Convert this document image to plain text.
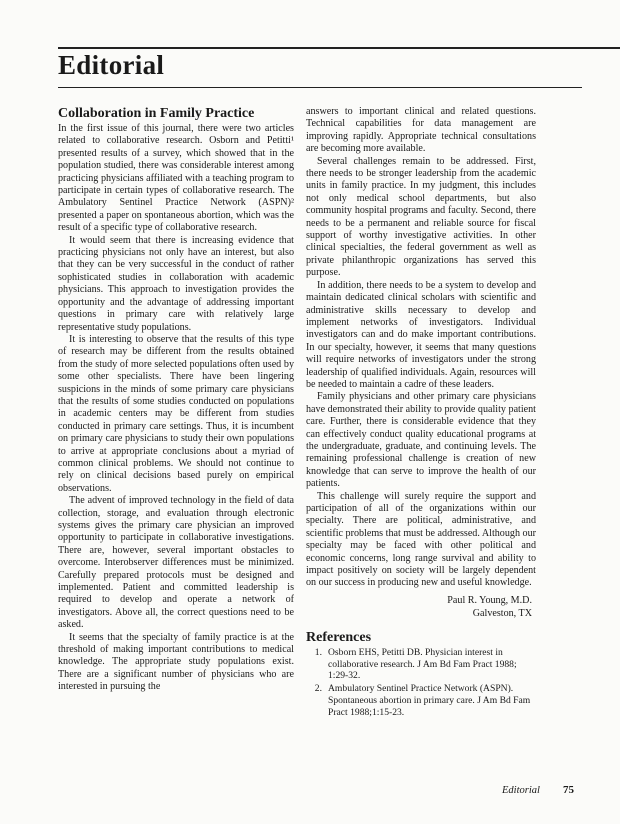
Editorial
Collaboration in Family Practice

In the first issue of this journal, there were two articles related to collaborative research. Osborn and Petitti¹ presented results of a survey, which showed that in the population studied, there was considerable interest among practicing physicians affiliated with a teaching program to participate in certain types of collaborative research. The Ambulatory Sentinel Practice Network (ASPN)² presented a paper on spontaneous abortion, which was the result of a specific type of collaborative research.

It would seem that there is increasing evidence that practicing physicians not only have an interest, but also that they can be very successful in the conduct of rather sophisticated studies in collaboration with academic physicians. This approach to investigation provides the opportunity and the advantage of addressing important questions in primary care with relatively large representative study populations.

It is interesting to observe that the results of this type of research may be different from the results obtained from the study of more selected populations often used by some other specialists. There have been lingering suspicions in the minds of some primary care physicians that the results of some studies conducted on populations in academic centers may be different from studies conducted in primary care settings. Thus, it is incumbent on primary care physicians to study their own populations to arrive at appropriate conclusions about a myriad of common clinical problems. We should not continue to rely on clinical decisions based purely on empirical observations.

The advent of improved technology in the field of data collection, storage, and evaluation through electronic systems gives the primary care physician an improved opportunity to participate in collaborative investigations. There are, however, several important obstacles to overcome. Interobserver differences must be minimized. Carefully prepared protocols must be designed and implemented. Patient and committed leadership is required to develop and operate a network of investigators. Above all, the correct questions need to be asked.

It seems that the specialty of family practice is at the threshold of making important contributions to medical knowledge. The appropriate study populations exist. There are a significant number of physicians who are interested in pursuing the

answers to important clinical and related questions. Technical capabilities for data management are improving rapidly. Appropriate technical consultations are becoming more available.

Several challenges remain to be addressed. First, there needs to be stronger leadership from the academic units in family practice. In my judgment, this includes not only medical school departments, but also community hospital programs and faculty. Second, there needs to be a permanent and reliable source for fiscal support of worthy investigative activities. In other clinical specialties, the federal government as well as private philanthropic organizations has served this purpose.

In addition, there needs to be a system to develop and maintain dedicated clinical scholars with scientific and administrative skills necessary to develop and implement networks of investigators. Individual investigators can and do make important contributions. In our specialty, however, it seems that many questions will require networks of investigators under the strong leadership of qualified individuals. Again, resources will be needed to maintain a cadre of these leaders.

Family physicians and other primary care physicians have demonstrated their ability to provide quality patient care. Further, there is considerable evidence that they can effectively conduct quality educational programs at the undergraduate, graduate, and continuing levels. The remaining professional challenge is creation of new knowledge that can serve to improve the health of our patients.

This challenge will surely require the support and participation of all of the organizations within our specialty. There are political, administrative, and scientific problems that must be addressed. Although our specialty may be faced with other political and economic concerns, long range survival and ability to impact positively on society will be largely dependent on our success in producing new and useful knowledge.

Paul R. Young, M.D.
Galveston, TX
References
1. Osborn EHS, Petitti DB. Physician interest in collaborative research. J Am Bd Fam Pract 1988; 1:29-32.
2. Ambulatory Sentinel Practice Network (ASPN). Spontaneous abortion in primary care. J Am Bd Fam Pract 1988;1:15-23.
Editorial 75
